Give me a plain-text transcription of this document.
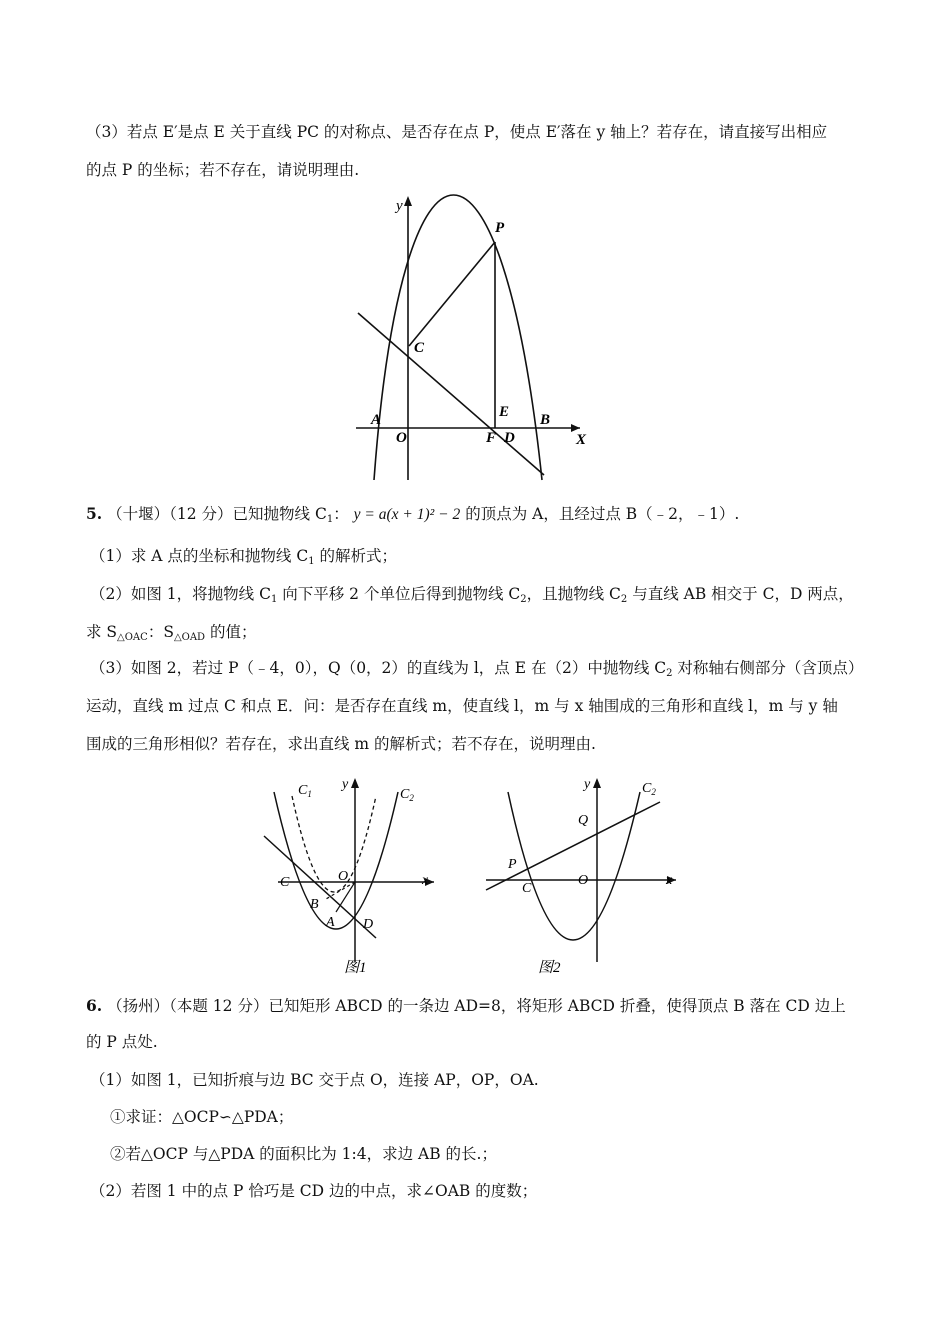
（3）若点 E′是点 E 关于直线 PC 的对称点、是否存在点 P，使点 E′落在 y 轴上？若存在，请直接写出相应
的点 P 的坐标；若不存在，请说明理由.
y
P
C
A
O
E B
F D	X
5. （十堰）（12 分）已知抛物线 $C_1$： y = a(x + 1)² − 2 的顶点为 A，且经过点 B（﹣2，﹣1）.
（1）求 A 点的坐标和抛物线 $C_1$ 的解析式；
（2）如图 1，将抛物线 $C_1$ 向下平移 2 个单位后得到抛物线 $C_2$，且抛物线 $C_2$ 与直线 AB 相交于 C，D 两点，
求 $S_{\triangle OAC}$：$S_{\triangle OAD}$ 的值；
（3）如图 2，若过 P（﹣4，0），Q（0，2）的直线为 l，点 E 在（2）中抛物线 $C_2$ 对称轴右侧部分（含顶点）
运动，直线 m 过点 C 和点 E．问：是否存在直线 m，使直线 l，m 与 x 轴围成的三角形和直线 l，m 与 y 轴
围成的三角形相似？若存在，求出直线 m 的解析式；若不存在，说明理由.
$C_1$
y
$C_2$
C	O	x
B
A D
图1
y	$C_2$
Q
P
C
O	x
图2
6. （扬州）（本题 12 分）已知矩形 ABCD 的一条边 AD=8，将矩形 ABCD 折叠，使得顶点 B 落在 CD 边上
的 P 点处.
（1）如图 1，已知折痕与边 BC 交于点 O，连接 AP，OP，OA.
①求证：△OCP∽△PDA；
②若△OCP 与△PDA 的面积比为 1:4，求边 AB 的长.；
（2）若图 1 中的点 P 恰巧是 CD 边的中点，求∠OAB 的度数；
